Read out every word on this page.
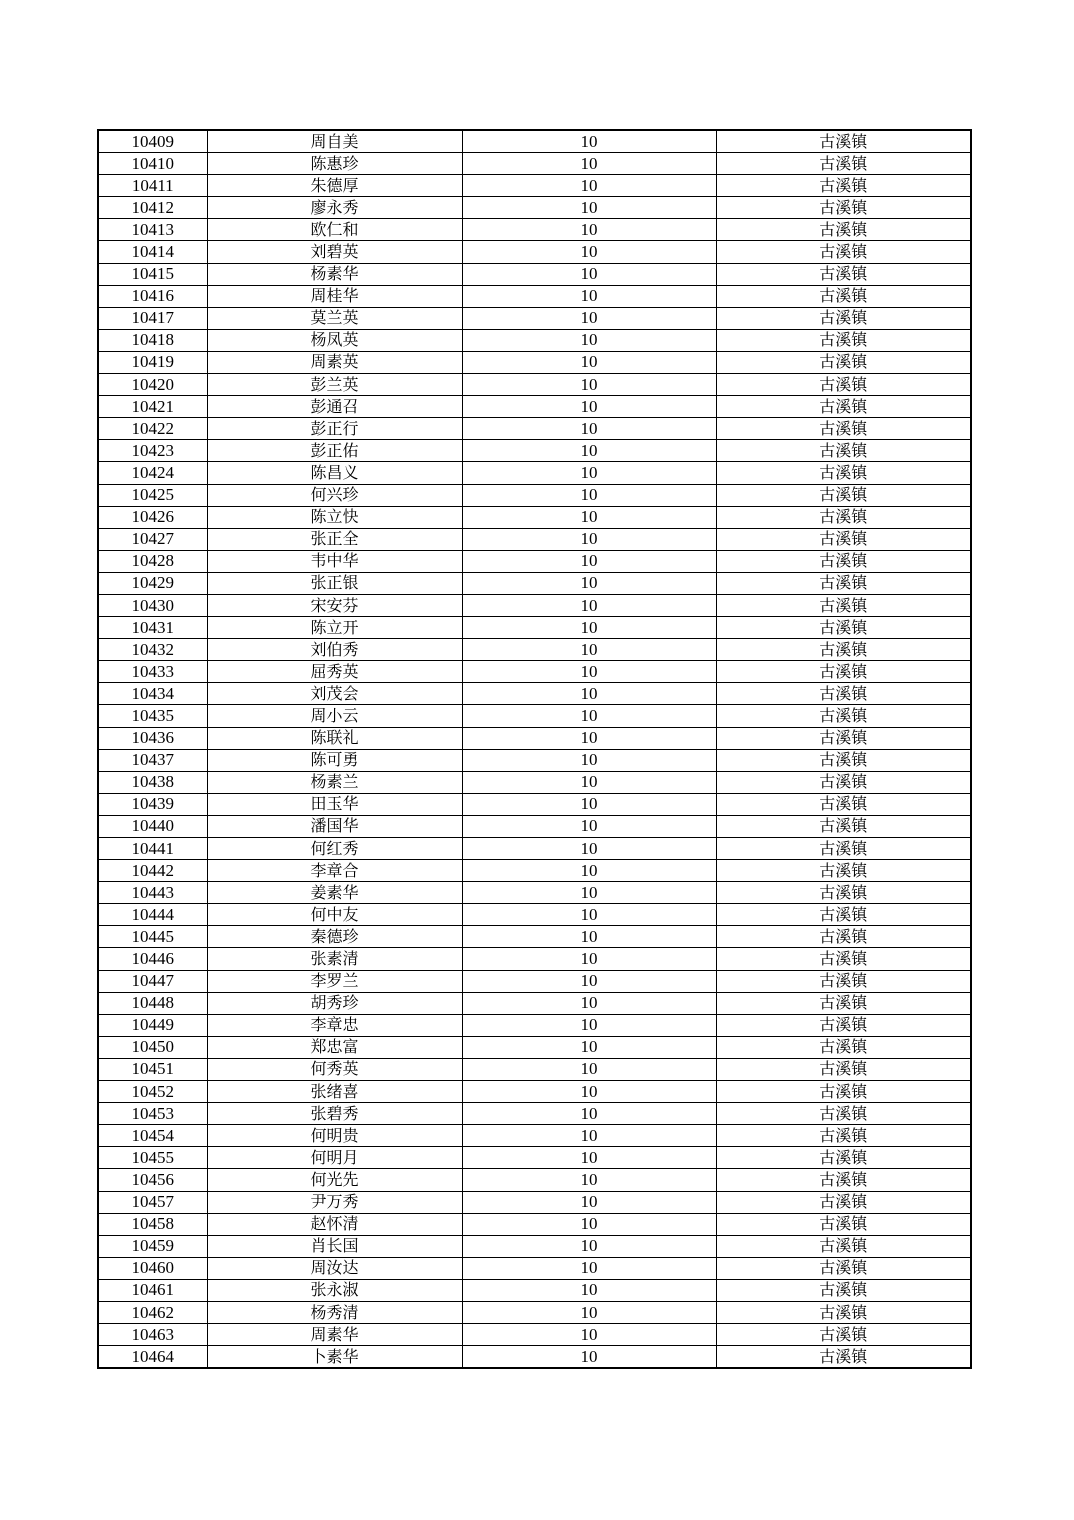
10409	周自美	10	古溪镇
10410	陈惠珍	10	古溪镇
10411	朱德厚	10	古溪镇
10412	廖永秀	10	古溪镇
10413	欧仁和	10	古溪镇
10414	刘碧英	10	古溪镇
10415	杨素华	10	古溪镇
10416	周桂华	10	古溪镇
10417	莫兰英	10	古溪镇
10418	杨凤英	10	古溪镇
10419	周素英	10	古溪镇
10420	彭兰英	10	古溪镇
10421	彭通召	10	古溪镇
10422	彭正行	10	古溪镇
10423	彭正佑	10	古溪镇
10424	陈昌义	10	古溪镇
10425	何兴珍	10	古溪镇
10426	陈立快	10	古溪镇
10427	张正全	10	古溪镇
10428	韦中华	10	古溪镇
10429	张正银	10	古溪镇
10430	宋安芬	10	古溪镇
10431	陈立开	10	古溪镇
10432	刘伯秀	10	古溪镇
10433	屈秀英	10	古溪镇
10434	刘茂会	10	古溪镇
10435	周小云	10	古溪镇
10436	陈联礼	10	古溪镇
10437	陈可勇	10	古溪镇
10438	杨素兰	10	古溪镇
10439	田玉华	10	古溪镇
10440	潘国华	10	古溪镇
10441	何红秀	10	古溪镇
10442	李章合	10	古溪镇
10443	姜素华	10	古溪镇
10444	何中友	10	古溪镇
10445	秦德珍	10	古溪镇
10446	张素清	10	古溪镇
10447	李罗兰	10	古溪镇
10448	胡秀珍	10	古溪镇
10449	李章忠	10	古溪镇
10450	郑忠富	10	古溪镇
10451	何秀英	10	古溪镇
10452	张绪喜	10	古溪镇
10453	张碧秀	10	古溪镇
10454	何明贵	10	古溪镇
10455	何明月	10	古溪镇
10456	何光先	10	古溪镇
10457	尹万秀	10	古溪镇
10458	赵怀清	10	古溪镇
10459	肖长国	10	古溪镇
10460	周汝达	10	古溪镇
10461	张永淑	10	古溪镇
10462	杨秀清	10	古溪镇
10463	周素华	10	古溪镇
10464	卜素华	10	古溪镇
